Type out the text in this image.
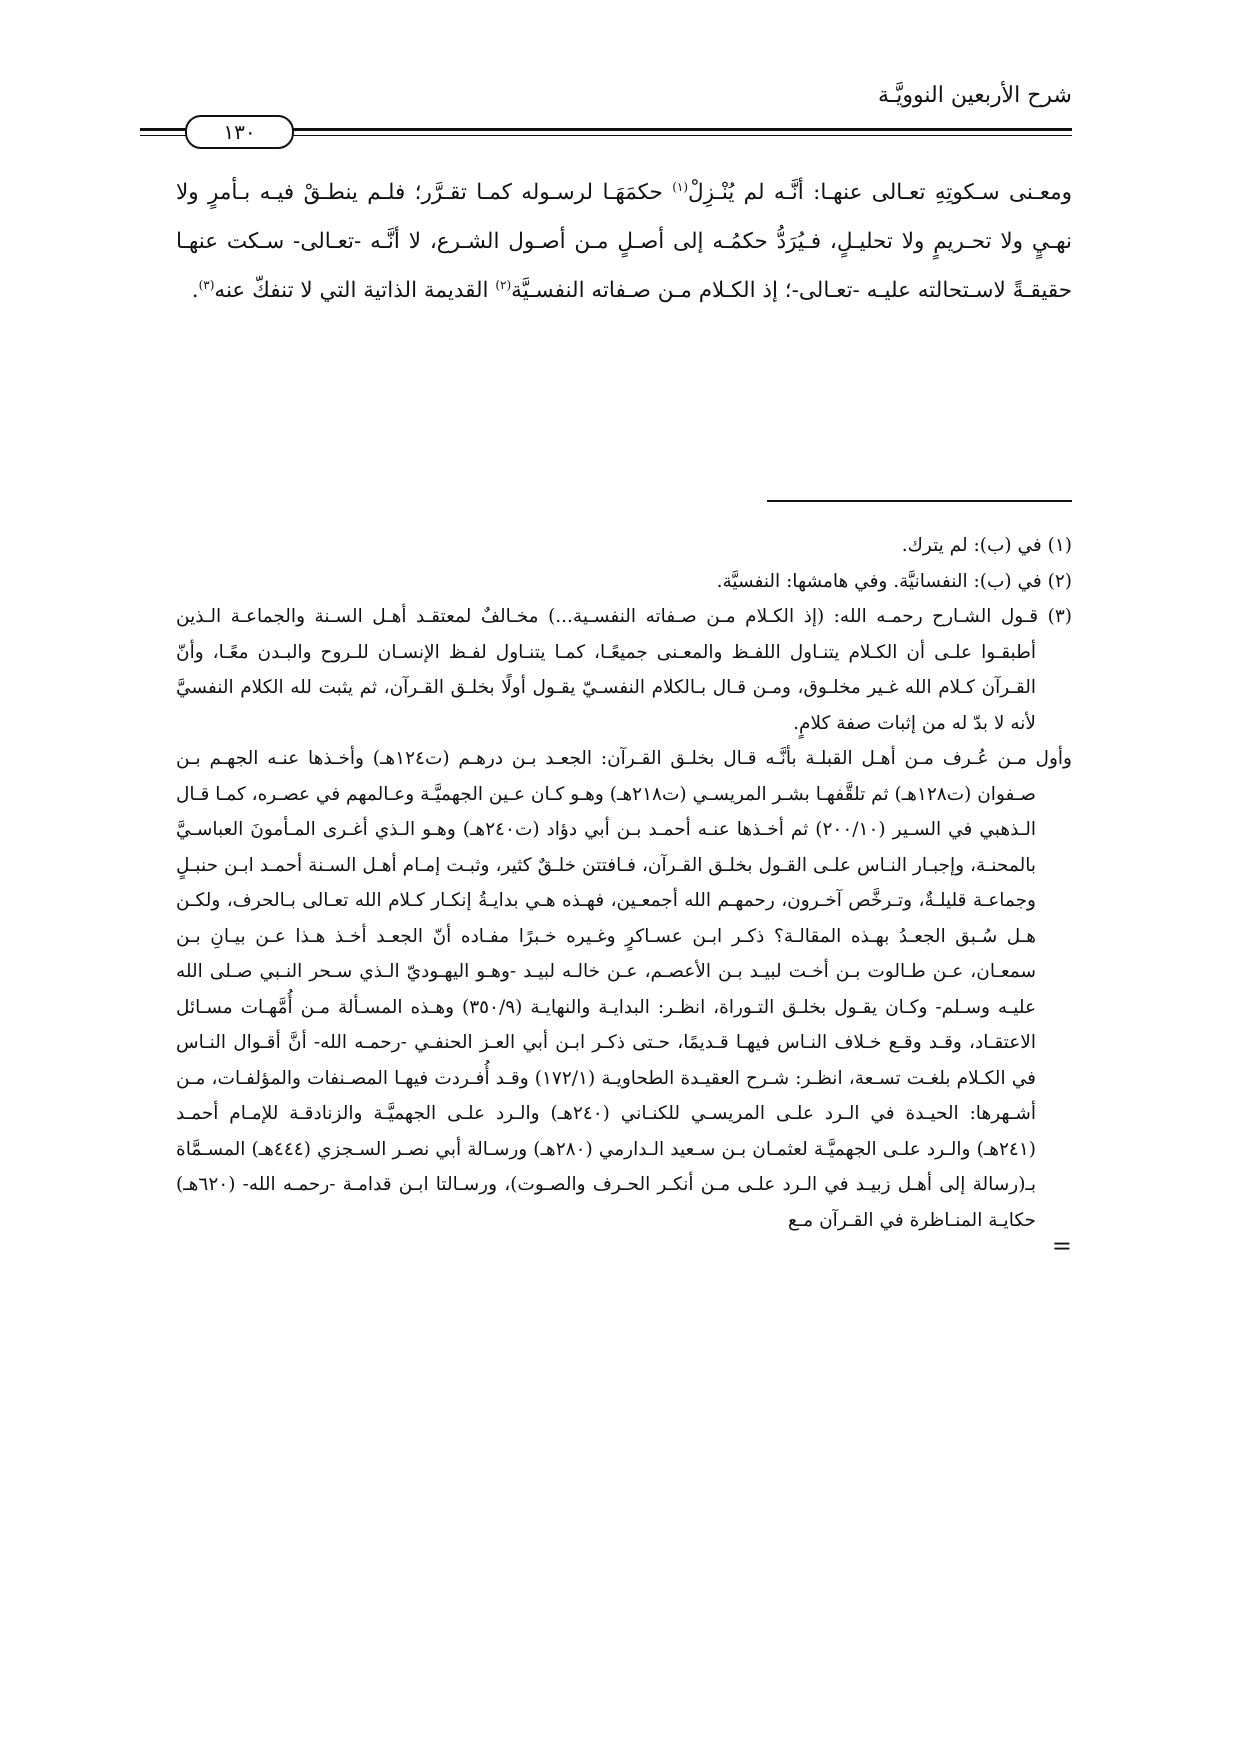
شرح الأربعين النوويَّـة
١٣٠
ومعـنى سـكوتِهِ تعـالى عنهـا: أنَّـه لم يُنْـزِلْ$^{(١)}$ حكمَهَـا لرسـوله كمـا تقـرَّر؛ فلـم ينطـقْ فيـه بـأمرٍ ولا نهـيٍ ولا تحـريمٍ ولا تحليـلٍ، فـيُرَدُّ حكمُـه إلى أصـلٍ مـن أصـول الشـرع، لا أنَّـه -تعـالى- سـكت عنهـا حقيقـةً لاسـتحالته عليـه -تعـالى-؛ إذ الكـلام مـن صـفاته النفسـيَّة$^{(٢)}$ القديمة الذاتية التي لا تنفكّ عنه$^{(٣)}$.

(١) في (ب): لم يترك.

(٢) في (ب): النفسانيَّة. وفي هامشها: النفسيَّة.

(٣) قـول الشـارح رحمـه الله: (إذ الكـلام مـن صـفاته النفسـية...) مخـالفٌ لمعتقـد أهـل السـنة والجماعـة الـذين أطبقـوا علـى أن الكـلام يتنـاول اللفـظ والمعـنى جميعًـا، كمـا يتنـاول لفـظ الإنسـان للـروح والبـدن معًـا، وأنّ القـرآن كـلام الله غـير مخلـوق، ومـن قـال بـالكلام النفسـيّ يقـول أولًا بخلـق القـرآن، ثم يثبت لله الكلام النفسيَّ لأنه لا بدّ له من إثبات صفة كلامٍ.

وأول مـن عُـرف مـن أهـل القبلـة بأنَّـه قـال بخلـق القـرآن: الجعـد بـن درهـم (ت١٢٤هـ) وأخـذها عنـه الجهـم بـن صـفوان (ت١٢٨هـ) ثم تلقَّفهـا بشـر المريسـي (ت٢١٨هـ) وهـو كـان عـين الجهميَّـة وعـالمهم في عصـره، كمـا قـال الـذهبي في السـير (٢٠٠/١٠) ثم أخـذها عنـه أحمـد بـن أبي دؤاد (ت٢٤٠هـ) وهـو الـذي أغـرى المـأمونَ العباسـيَّ بالمحنـة، وإجبـار النـاس علـى القـول بخلـق القـرآن، فـافتتن خلـقٌ كثير، وثبـت إمـام أهـل السـنة أحمـد ابـن حنبـلٍ وجماعـة قليلـةٌ، وتـرخَّص آخـرون، رحمهـم الله أجمعـين، فهـذه هـي بدايـةُ إنكـار كـلام الله تعـالى بـالحرف، ولكـن هـل سُـبق الجعـدُ بهـذه المقالـة؟ ذكـر ابـن عسـاكرٍ وغـيره خـبرًا مفـاده أنّ الجعـد أخـذ هـذا عـن بيـانِ بـن سمعـان، عـن طـالوت بـن أخـت لبيـد بـن الأعصـم، عـن خالـه لبيـد -وهـو اليهـوديّ الـذي سـحر النـبي صـلى الله عليـه وسـلم- وكـان يقـول بخلـق التـوراة، انظـر: البدايـة والنهايـة (٣٥٠/٩) وهـذه المسـألة مـن أُمَّهـات مسـائل الاعتقـاد، وقـد وقـع خـلاف النـاس فيهـا قـديمًا، حـتى ذكـر ابـن أبي العـز الحنفـي -رحمـه الله- أنَّ أقـوال النـاس في الكـلام بلغـت تسـعة، انظـر: شـرح العقيـدة الطحاويـة (١٧٢/١) وقـد أُفـردت فيهـا المصـنفات والمؤلفـات، مـن أشـهرها: الحيـدة في الـرد علـى المريسـي للكنـاني (٢٤٠هـ) والـرد علـى الجهميَّـة والزنادقـة للإمـام أحمـد (٢٤١هـ) والـرد علـى الجهميَّـة لعثمـان بـن سـعيد الـدارمي (٢٨٠هـ) ورسـالة أبي نصـر السـجزي (٤٤٤هـ) المسـمَّاة بـ(رسالة إلى أهـل زبيـد في الـرد علـى مـن أنكـر الحـرف والصـوت)، ورسـالتا ابـن قدامـة -رحمـه الله- (٦٢٠هـ) حكايـة المنـاظرة في القـرآن مـع

=
